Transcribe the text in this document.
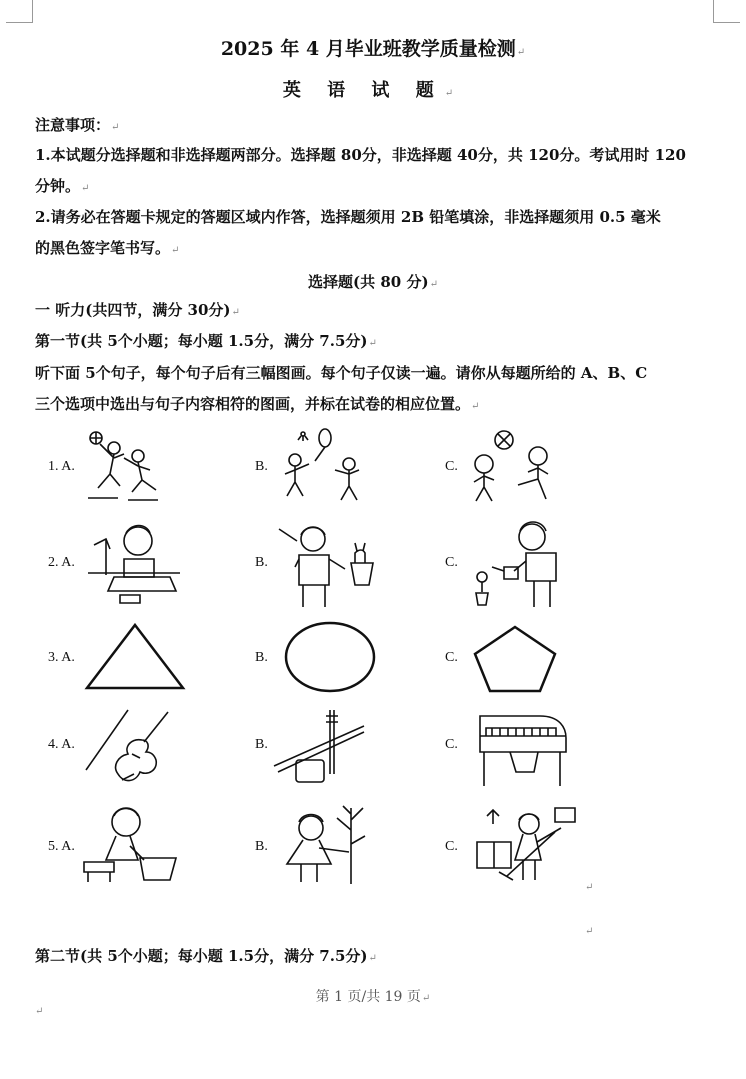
2025 年 4 月毕业班教学质量检测↵
英 语 试 题↵
注意事项：↵
1.本试题分选择题和非选择题两部分。选择题 80分，非选择题 40分，共 120分。考试用时 120
分钟。↵
2.请务必在答题卡规定的答题区域内作答，选择题须用 2B 铅笔填涂，非选择题须用 0.5 毫米
的黑色签字笔书写。↵
选择题(共 80 分)↵
一 听力(共四节，满分 30分)↵
第一节(共 5个小题；每小题 1.5分，满分 7.5分)↵
听下面 5个句子，每个句子后有三幅图画。每个句子仅读一遍。请你从每题所给的 A、B、C
三个选项中选出与句子内容相符的图画，并标在试卷的相应位置。↵
1. A.	B.	C.
2. A.	B.	C.
3. A.	B.	C.
4. A.	B.	C.
5. A.	B.	C.
↵
↵
第二节(共 5个小题；每小题 1.5分，满分 7.5分)↵
第 1 页/共 19 页↵
↵
